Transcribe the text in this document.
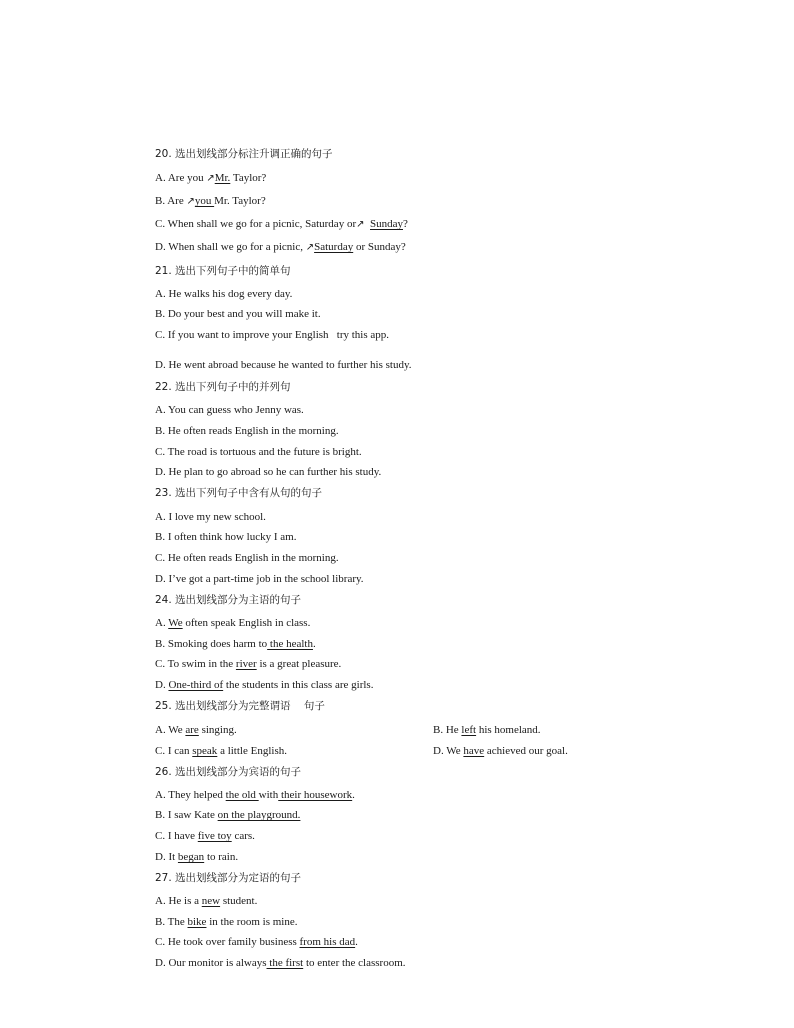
20. 选出划线部分标注升调正确的句子
A. Are you ↗Mr. Taylor?
B. Are ↗you Mr. Taylor?
C. When shall we go for a picnic, Saturday or↗ Sunday?
D. When shall we go for a picnic, ↗Saturday or Sunday?
21. 选出下列句子中的简单句
A. He walks his dog every day.
B. Do your best and you will make it.
C. If you want to improve your English   try this app.
D. He went abroad because he wanted to further his study.
22. 选出下列句子中的并列句
A. You can guess who Jenny was.
B. He often reads English in the morning.
C. The road is tortuous and the future is bright.
D. He plan to go abroad so he can further his study.
23. 选出下列句子中含有从句的句子
A. I love my new school.
B. I often think how lucky I am.
C. He often reads English in the morning.
D. I’ve got a part-time job in the school library.
24. 选出划线部分为主语的句子
A. We often speak English in class.
B. Smoking does harm to the health.
C. To swim in the river is a great pleasure.
D. One-third of the students in this class are girls.
25. 选出划线部分为完整谓语    句子
A. We are singing.	B. He left his homeland.
C. I can speak a little English.	D. We have achieved our goal.
26. 选出划线部分为宾语的句子
A. They helped the old with their housework.
B. I saw Kate on the playground.
C. I have five toy cars.
D. It began to rain.
27. 选出划线部分为定语的句子
A. He is a new student.
B. The bike in the room is mine.
C. He took over family business from his dad.
D. Our monitor is always the first to enter the classroom.
